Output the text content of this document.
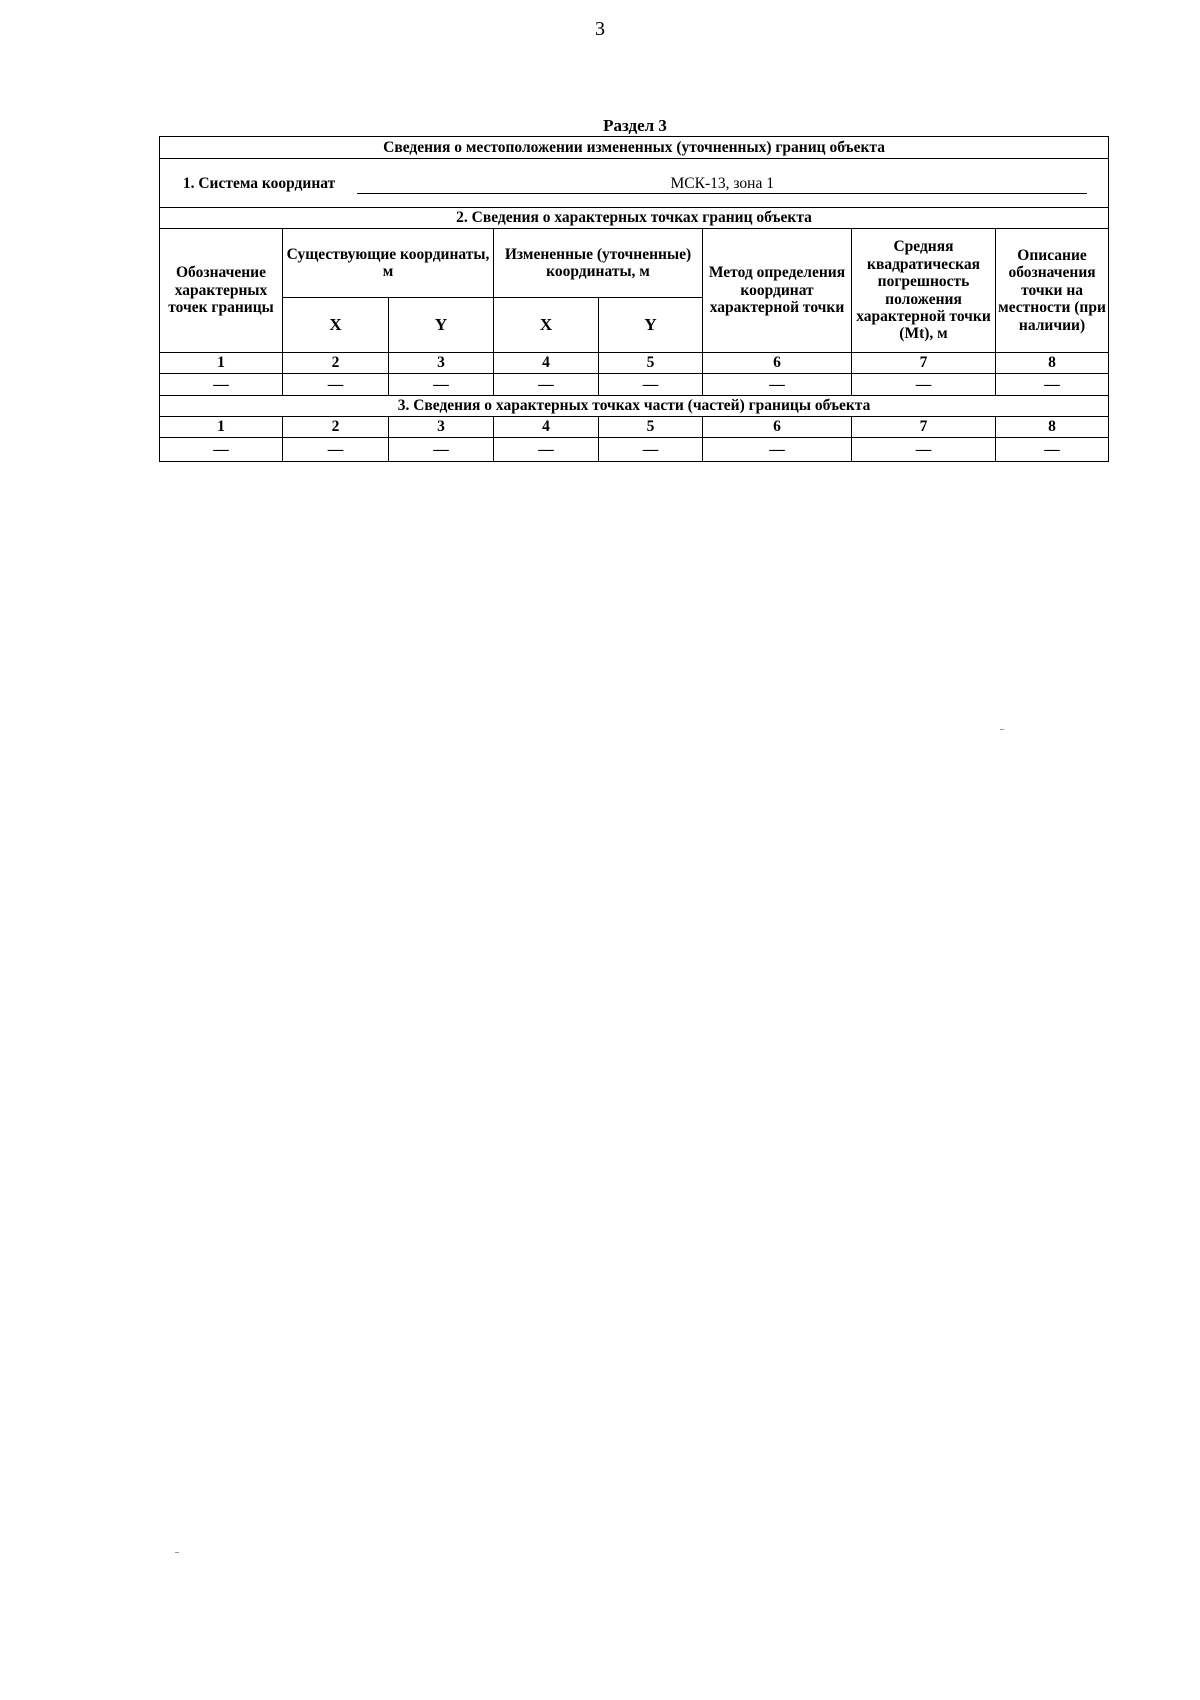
3
Раздел 3
Сведения о местоположении измененных (уточненных) границ объекта							
1. Система координат МСК-13, зона 1							
2. Сведения о характерных точках границ объекта							
Обозначение характерных точек границы	Существующие координаты, м		Измененные (уточненные) координаты, м		Метод определения координат характерной точки	Средняя квадратическая погрешность положения характерной точки (Mt), м	Описание обозначения точки на местности (при наличии)
	X	Y	X	Y			
1	2	3	4	5	6	7	8
—	—	—	—	—	—	—	—
3. Сведения о характерных точках части (частей) границы объекта							
1	2	3	4	5	6	7	8
—	—	—	—	—	—	—	—
